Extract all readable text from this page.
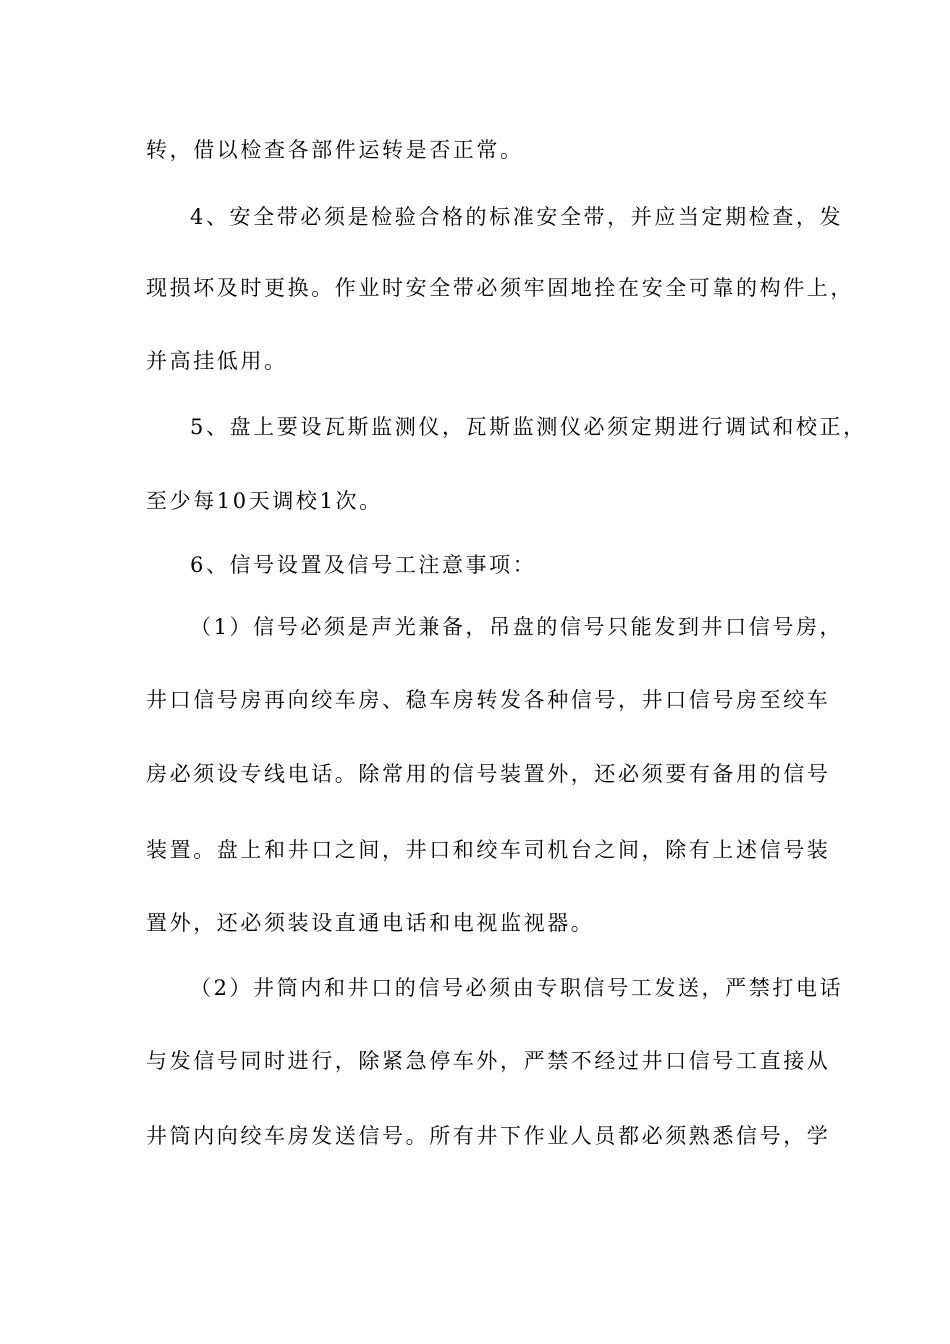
转，借以检查各部件运转是否正常。
4、安全带必须是检验合格的标准安全带，并应当定期检查，发
现损坏及时更换。作业时安全带必须牢固地拴在安全可靠的构件上，
并高挂低用。
5、盘上要设瓦斯监测仪，瓦斯监测仪必须定期进行调试和校正，
至少每10天调校1次。
6、信号设置及信号工注意事项：
（1）信号必须是声光兼备，吊盘的信号只能发到井口信号房，
井口信号房再向绞车房、稳车房转发各种信号，井口信号房至绞车
房必须设专线电话。除常用的信号装置外，还必须要有备用的信号
装置。盘上和井口之间，井口和绞车司机台之间，除有上述信号装
置外，还必须装设直通电话和电视监视器。
（2）井筒内和井口的信号必须由专职信号工发送，严禁打电话
与发信号同时进行，除紧急停车外，严禁不经过井口信号工直接从
井筒内向绞车房发送信号。所有井下作业人员都必须熟悉信号，学
